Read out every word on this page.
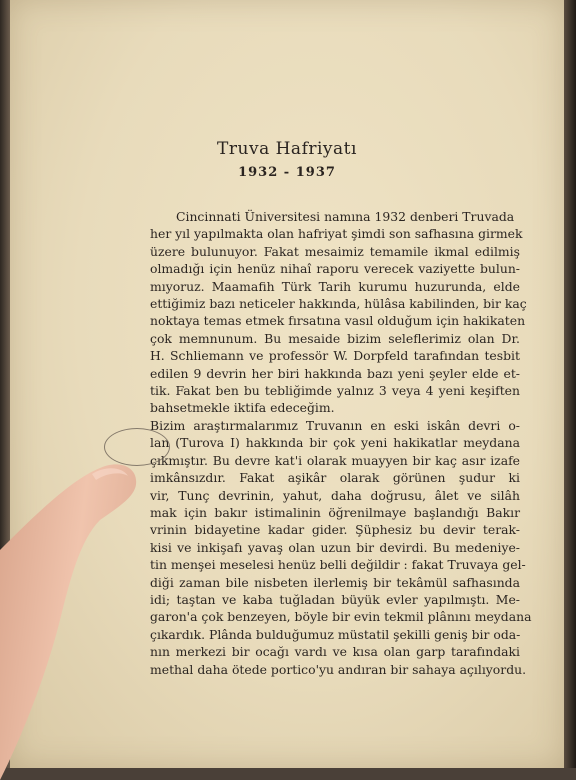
Truva Hafriyatı
1932 - 1937
Cincinnati Üniversitesi namına 1932 denberi Truvada
her yıl yapılmakta olan hafriyat şimdi son safhasına girmek
üzere bulunuyor. Fakat mesaimiz temamile ikmal edilmiş
olmadığı için henüz nihaî raporu verecek vaziyette bulun-
mıyoruz. Maamafih Türk Tarih kurumu huzurunda, elde
ettiğimiz bazı neticeler hakkında, hülâsa kabilinden, bir kaç
noktaya temas etmek fırsatına vasıl olduğum için hakikaten
çok memnunum. Bu mesaide bizim seleflerimiz olan Dr.
H. Schliemann ve professör W. Dorpfeld tarafından tesbit
edilen 9 devrin her biri hakkında bazı yeni şeyler elde et-
tik. Fakat ben bu tebliğimde yalnız 3 veya 4 yeni keşiften
bahsetmekle iktifa edeceğim.
Bizim araştırmalarımız Truvanın en eski iskân devri o-
lan (Turova I) hakkında bir çok yeni hakikatlar meydana
çıkmıştır. Bu devre kat'i olarak muayyen bir kaç asır izafe
imkânsızdır. Fakat aşikâr olarak görünen şudur ki
vir, Tunç devrinin, yahut, daha doğrusu, âlet ve silâh
mak için bakır istimalinin öğrenilmaye başlandığı Bakır
vrinin bidayetine kadar gider. Şüphesiz bu devir terak-
kisi ve inkişafı yavaş olan uzun bir devirdi. Bu medeniye-
tin menşei meselesi henüz belli değildir : fakat Truvaya gel-
diği zaman bile nisbeten ilerlemiş bir tekâmül safhasında
idi; taştan ve kaba tuğladan büyük evler yapılmıştı. Me-
garon'a çok benzeyen, böyle bir evin tekmil plânını meydana
çıkardık. Plânda bulduğumuz müstatil şekilli geniş bir oda-
nın merkezi bir ocağı vardı ve kısa olan garp tarafındaki
methal daha ötede portico'yu andıran bir sahaya açılıyordu.
